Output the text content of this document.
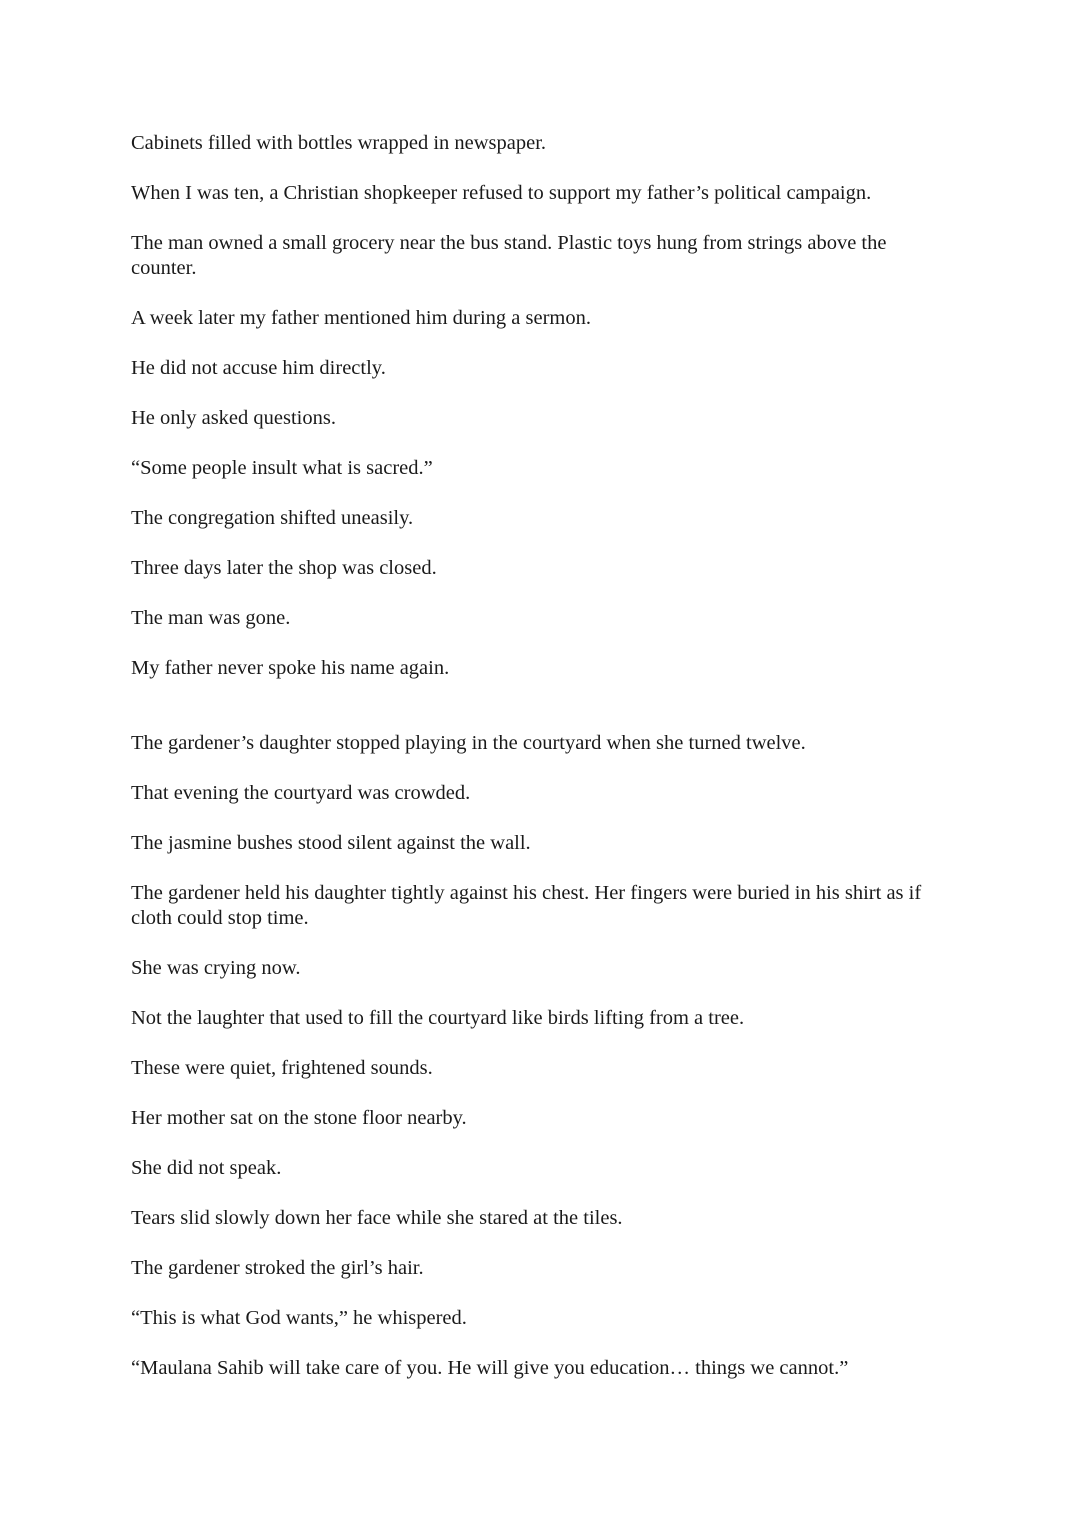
Cabinets filled with bottles wrapped in newspaper.

When I was ten, a Christian shopkeeper refused to support my father’s political campaign.

The man owned a small grocery near the bus stand. Plastic toys hung from strings above the counter.

A week later my father mentioned him during a sermon.

He did not accuse him directly.

He only asked questions.

“Some people insult what is sacred.”

The congregation shifted uneasily.

Three days later the shop was closed.

The man was gone.

My father never spoke his name again.

The gardener’s daughter stopped playing in the courtyard when she turned twelve.

That evening the courtyard was crowded.

The jasmine bushes stood silent against the wall.

The gardener held his daughter tightly against his chest. Her fingers were buried in his shirt as if cloth could stop time.

She was crying now.

Not the laughter that used to fill the courtyard like birds lifting from a tree.

These were quiet, frightened sounds.

Her mother sat on the stone floor nearby.

She did not speak.

Tears slid slowly down her face while she stared at the tiles.

The gardener stroked the girl’s hair.

“This is what God wants,” he whispered.

“Maulana Sahib will take care of you. He will give you education… things we cannot.”
